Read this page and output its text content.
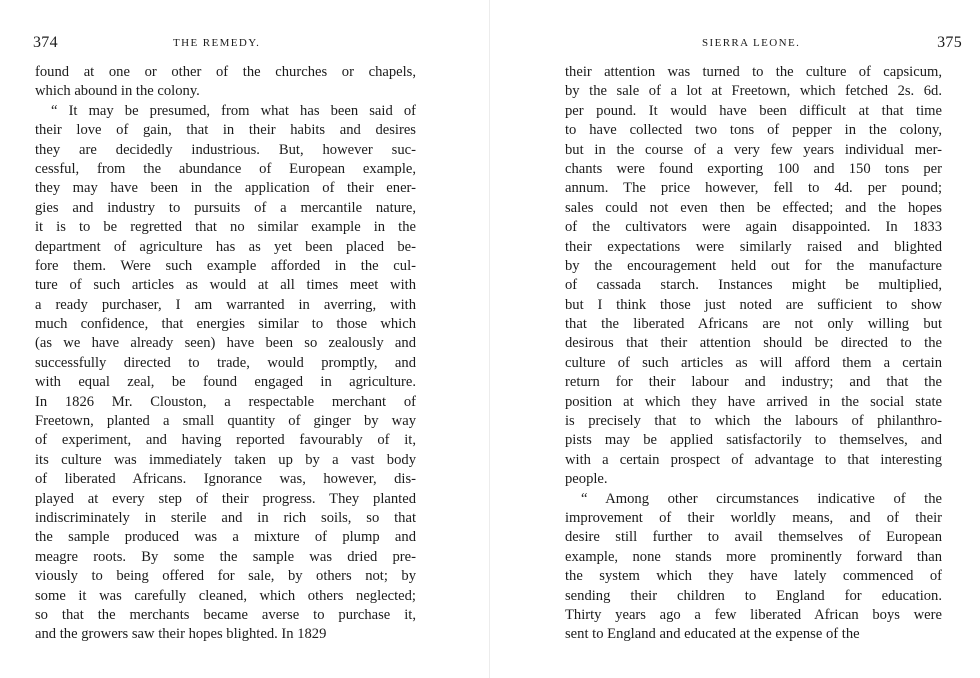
374	THE REMEDY.
found at one or other of the churches or chapels,
which abound in the colony.
“ It may be presumed, from what has been said of
their love of gain, that in their habits and desires
they are decidedly industrious. But, however suc-
cessful, from the abundance of European example,
they may have been in the application of their ener-
gies and industry to pursuits of a mercantile nature,
it is to be regretted that no similar example in the
department of agriculture has as yet been placed be-
fore them. Were such example afforded in the cul-
ture of such articles as would at all times meet with
a ready purchaser, I am warranted in averring, with
much confidence, that energies similar to those which
(as we have already seen) have been so zealously and
successfully directed to trade, would promptly, and
with equal zeal, be found engaged in agriculture.
In 1826 Mr. Clouston, a respectable merchant of
Freetown, planted a small quantity of ginger by way
of experiment, and having reported favourably of it,
its culture was immediately taken up by a vast body
of liberated Africans. Ignorance was, however, dis-
played at every step of their progress. They planted
indiscriminately in sterile and in rich soils, so that
the sample produced was a mixture of plump and
meagre roots. By some the sample was dried pre-
viously to being offered for sale, by others not; by
some it was carefully cleaned, which others neglected;
so that the merchants became averse to purchase it,
and the growers saw their hopes blighted. In 1829
SIERRA LEONE.	375
their attention was turned to the culture of capsicum,
by the sale of a lot at Freetown, which fetched 2s. 6d.
per pound. It would have been difficult at that time
to have collected two tons of pepper in the colony,
but in the course of a very few years individual mer-
chants were found exporting 100 and 150 tons per
annum. The price however, fell to 4d. per pound;
sales could not even then be effected; and the hopes
of the cultivators were again disappointed. In 1833
their expectations were similarly raised and blighted
by the encouragement held out for the manufacture
of cassada starch. Instances might be multiplied,
but I think those just noted are sufficient to show
that the liberated Africans are not only willing but
desirous that their attention should be directed to the
culture of such articles as will afford them a certain
return for their labour and industry; and that the
position at which they have arrived in the social state
is precisely that to which the labours of philanthro-
pists may be applied satisfactorily to themselves, and
with a certain prospect of advantage to that interesting
people.
“ Among other circumstances indicative of the
improvement of their worldly means, and of their
desire still further to avail themselves of European
example, none stands more prominently forward than
the system which they have lately commenced of
sending their children to England for education.
Thirty years ago a few liberated African boys were
sent to England and educated at the expense of the
